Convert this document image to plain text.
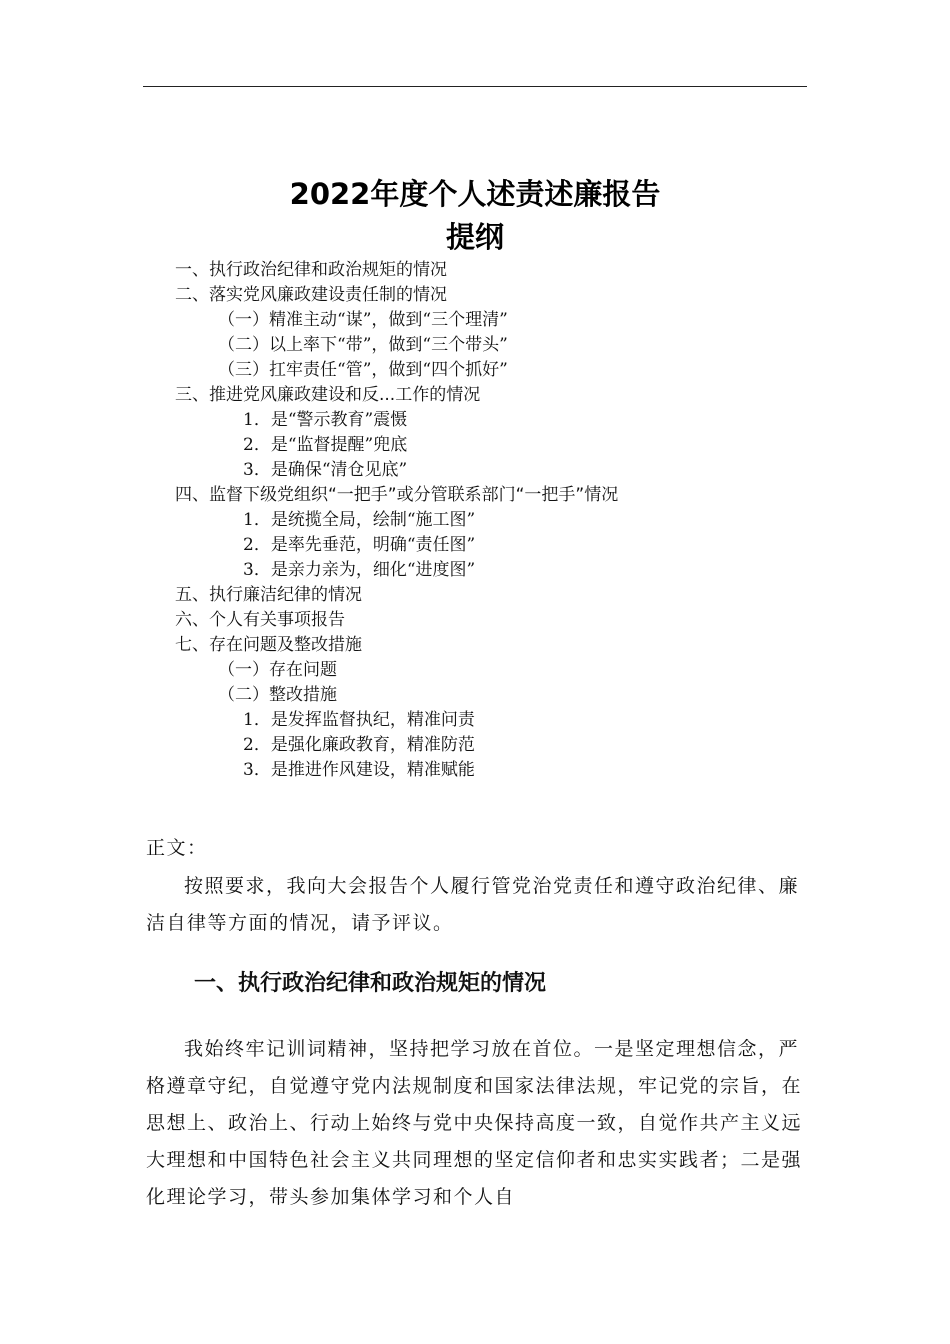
2022年度个人述责述廉报告
提纲
一、执行政治纪律和政治规矩的情况
二、落实党风廉政建设责任制的情况
（一）精准主动“谋”，做到“三个理清”
（二）以上率下“带”，做到“三个带头”
（三）扛牢责任“管”，做到“四个抓好”
三、推进党风廉政建设和反...工作的情况
1．是“警示教育”震慑
2．是“监督提醒”兜底
3．是确保“清仓见底”
四、监督下级党组织“一把手”或分管联系部门“一把手”情况
1．是统揽全局，绘制“施工图”
2．是率先垂范，明确“责任图”
3．是亲力亲为，细化“进度图”
五、执行廉洁纪律的情况
六、个人有关事项报告
七、存在问题及整改措施
（一）存在问题
（二）整改措施
1．是发挥监督执纪，精准问责
2．是强化廉政教育，精准防范
3．是推进作风建设，精准赋能
正文：
按照要求，我向大会报告个人履行管党治党责任和遵守政治纪律、廉洁自律等方面的情况，请予评议。
一、执行政治纪律和政治规矩的情况
我始终牢记训词精神，坚持把学习放在首位。一是坚定理想信念，严格遵章守纪，自觉遵守党内法规制度和国家法律法规，牢记党的宗旨，在思想上、政治上、行动上始终与党中央保持高度一致，自觉作共产主义远大理想和中国特色社会主义共同理想的坚定信仰者和忠实实践者；二是强化理论学习，带头参加集体学习和个人自
